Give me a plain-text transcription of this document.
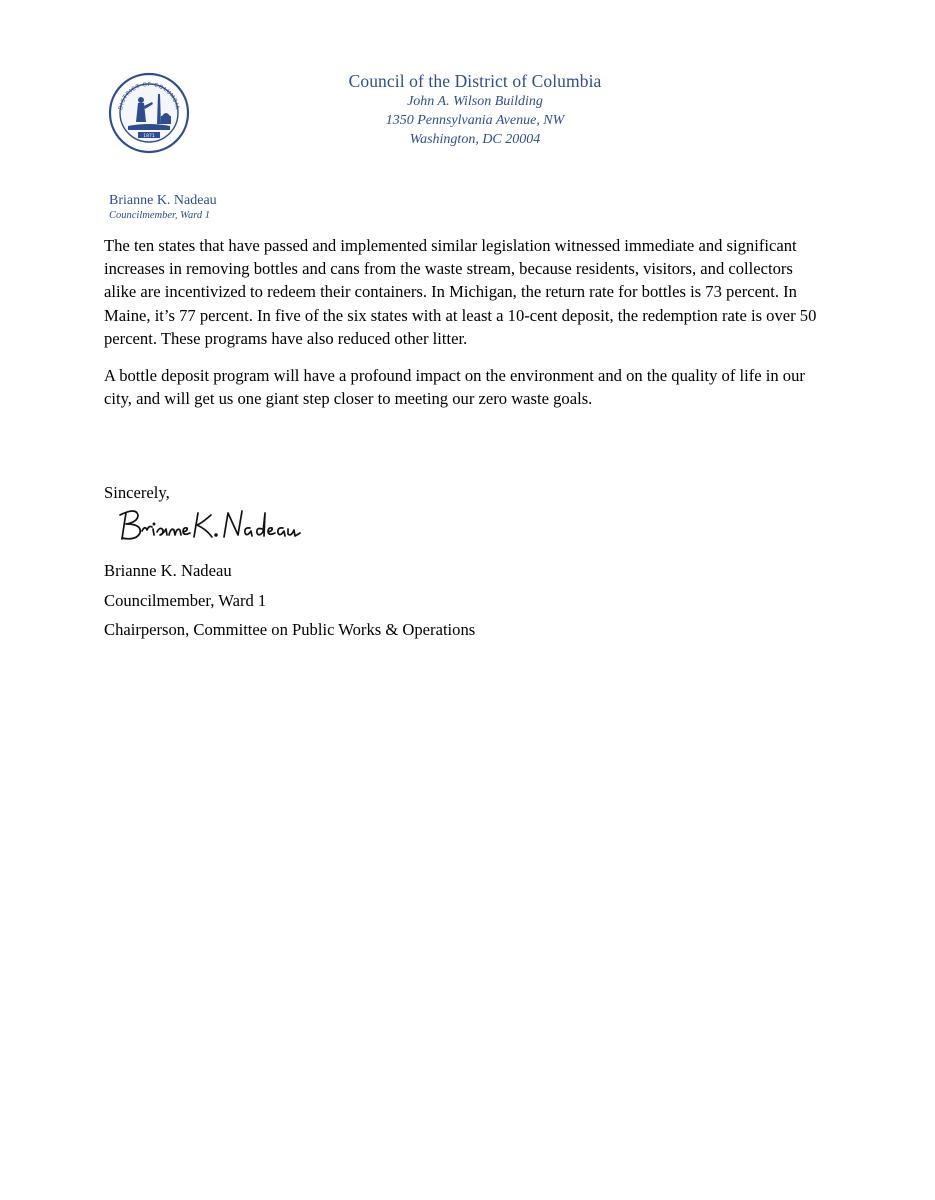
DISTRICT OF COLUMBIA
1871
Council of the District of Columbia
John A. Wilson Building
1350 Pennsylvania Avenue, NW
Washington, DC 20004
Brianne K. Nadeau
Councilmember, Ward 1

The ten states that have passed and implemented similar legislation witnessed immediate and significant increases in removing bottles and cans from the waste stream, because residents, visitors, and collectors alike are incentivized to redeem their containers. In Michigan, the return rate for bottles is 73 percent. In Maine, it’s 77 percent. In five of the six states with at least a 10-cent deposit, the redemption rate is over 50 percent. These programs have also reduced other litter.

A bottle deposit program will have a profound impact on the environment and on the quality of life in our city, and will get us one giant step closer to meeting our zero waste goals.

Sincerely,
Brianne K. Nadeau
Councilmember, Ward 1
Chairperson, Committee on Public Works & Operations
